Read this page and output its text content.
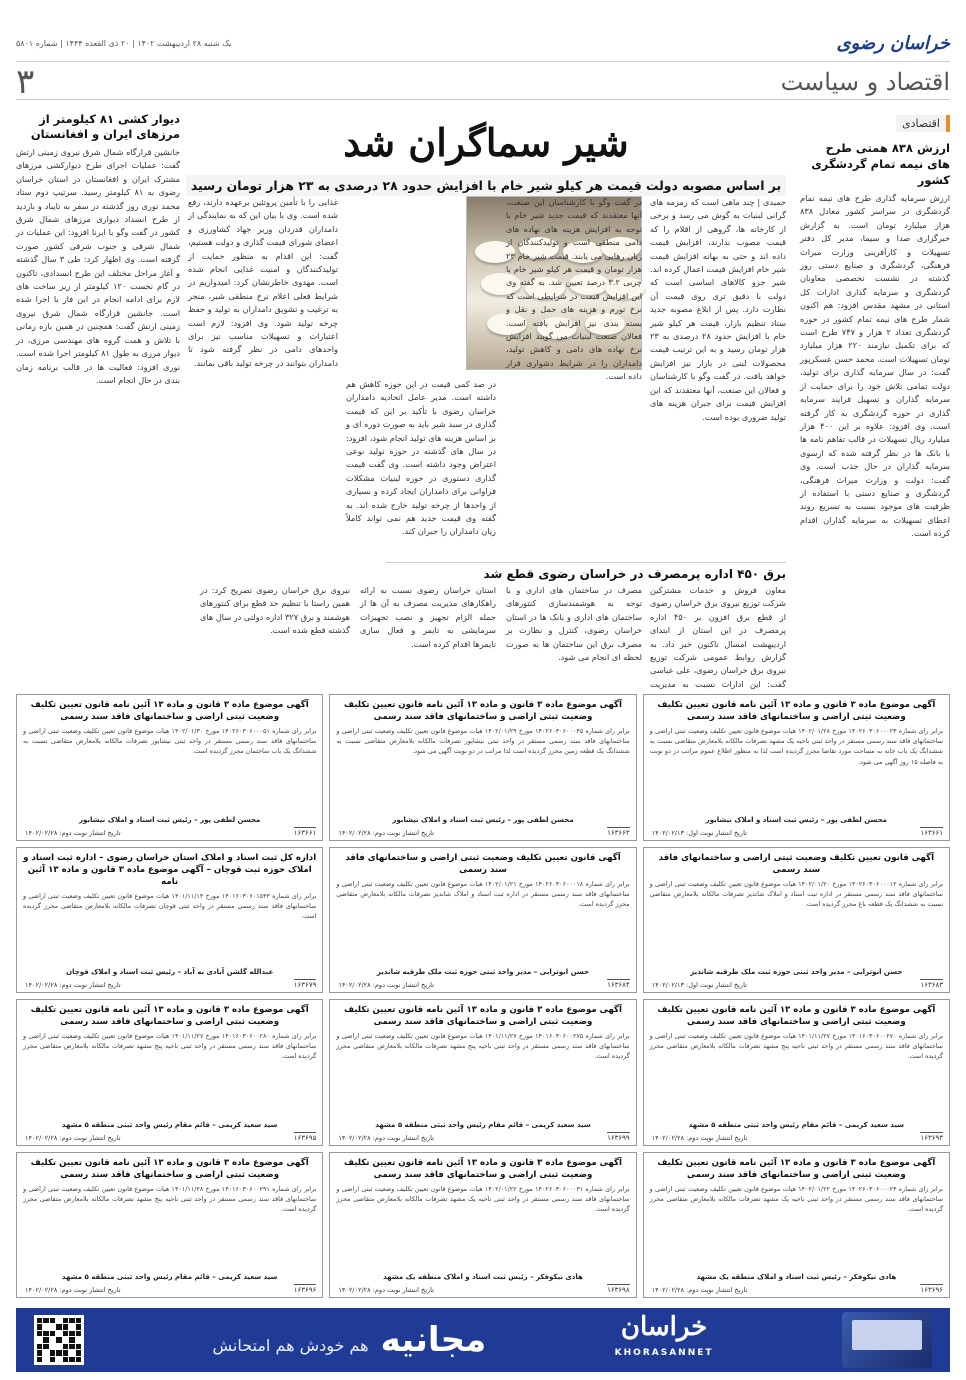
خراسان رضوی
یک شنبه ۲۸ اردیبهشت ۱۴۰۲ | ۲۰ ذی القعده ۱۴۴۴ | شماره ۵۸۰۱
اقتصاد و سیاست
۳
اقتصادی
ارزش ۸۳۸ همتی طرح های نیمه تمام گردشگری کشور
ارزش سرمایه گذاری طرح های نیمه تمام گردشگری در سراسر کشور معادل ۸۳۸ هزار میلیارد تومان است. به گزارش خبرگزاری صدا و سیما، مدیر کل دفتر تسهیلات و کارآفرینی وزارت میراث فرهنگی، گردشگری و صنایع دستی روز گذشته در نشست تخصصی معاونان گردشگری و سرمایه گذاری ادارات کل استانی در مشهد مقدس افزود: هم اکنون شمار طرح های نیمه تمام کشور در حوزه گردشگری تعداد ۲ هزار و ۷۴۷ طرح است که برای تکمیل نیازمند ۲۲۰ هزار میلیارد تومان تسهیلات است. محمد حسن عسکرپور گفت: در سال سرمایه گذاری برای تولید، دولت تمامی تلاش خود را برای حمایت از سرمایه گذاران و تسهیل فرایند سرمایه گذاری در حوزه گردشگری به کار گرفته است. وی افزود: علاوه بر این ۴۰۰ هزار میلیارد ریال تسهیلات در قالب تفاهم نامه ها با بانک ها در نظر گرفته شده که ازسوی سرمایه گذاران در حال جذب است. وی گفت: دولت و وزارت میراث فرهنگی، گردشگری و صنایع دستی با استفاده از ظرفیت های موجود نسبت به تسریع روند اعطای تسهیلات به سرمایه گذاران اقدام کرده است.
شیر سماگران شد
بر اساس مصوبه دولت قیمت هر کیلو شیر خام با افزایش حدود ۲۸ درصدی به ۲۳ هزار تومان رسید
حمیدی | چند ماهی است که زمزمه های گرانی لبنیات به گوش می رسد و برخی از کارخانه ها، گروهی از اقلام را که قیمت مصوب ندارند، افزایش قیمت داده اند و حتی به بهانه افزایش قیمت شیر خام افزایش قیمت اعمال کرده اند. شیر جزو کالاهای اساسی است که دولت با دقیق تری روی قیمت آن نظارت دارد. پس از ابلاغ مصوبه جدید ستاد تنظیم بازار، قیمت هر کیلو شیر خام با افزایش حدود ۲۸ درصدی به ۲۳ هزار تومان رسید و به این ترتیب قیمت محصولات لبنی در بازار نیز افزایش خواهد یافت. در گفت وگو با کارشناسان و فعالان این صنعت، آنها معتقدند که این افزایش قیمت برای جبران هزینه های تولید ضروری بوده است.
در گفت وگو با کارشناسان این صنعت، آنها معتقدند که قیمت جدید شیر خام با توجه به افزایش هزینه های نهاده های دامی منطقی است و تولیدکنندگان از زیان رهایی می یابند. قیمت شیر خام ۲۳ هزار تومان و قیمت هر کیلو شیر خام با چربی ۳.۲ درصد تعیین شد. به گفته وی این افزایش قیمت در شرایطی است که نرخ تورم و هزینه های حمل و نقل و بسته بندی نیز افزایش یافته است. فعالان صنعت لبنیات می گویند افزایش نرخ نهاده های دامی و کاهش تولید، دامداران را در شرایط دشواری قرار داده است.
در صد کمی قیمت در این حوزه کاهش هم داشته است. مدیر عامل اتحادیه دامداران خراسان رضوی با تأکید بر این که قیمت گذاری در سبد شیر باید به صورت دوره ای و بر اساس هزینه های تولید انجام شود، افزود: در سال های گذشته در حوزه تولید نوعی اعتراض وجود داشته است. وی گفت قیمت گذاری دستوری در حوزه لبنیات مشکلات فراوانی برای دامداران ایجاد کرده و بسیاری از واحدها از چرخه تولید خارج شده اند. به گفته وی قیمت جدید هم نمی تواند کاملاً زیان دامداران را جبران کند.
غذایی را با تأمین پروتئین برعهده دارند، رفع شده است. وی با بیان این که به نمایندگی از دامداران قدردان وزیر جهاد کشاورزی و اعضای شورای قیمت گذاری و دولت هستیم، گفت: این اقدام به منظور حمایت از تولیدکنندگان و امنیت غذایی انجام شده است. مهدوی خاطرنشان کرد: امیدواریم در شرایط فعلی اعلام نرخ منطقی شیر، منجر به ترغیب و تشویق دامداران به تولید و حفظ چرخه تولید شود. وی افزود: لازم است اعتبارات و تسهیلات مناسب نیز برای واحدهای دامی در نظر گرفته شود تا دامداران بتوانند در چرخه تولید باقی بمانند.
برق ۴۵۰ اداره پرمصرف در خراسان رضوی قطع شد
معاون فروش و خدمات مشترکین شرکت توزیع نیروی برق خراسان رضوی از قطع برق افزون بر ۴۵۰ اداره پرمصرف در این استان از ابتدای اردیبهشت امسال تاکنون خبر داد. به گزارش روابط عمومی شرکت توزیع نیروی برق خراسان رضوی، علی عباسی گفت: این ادارات نسبت به مدیریت
مصرف در ساختمان های اداری و با توجه به هوشمندسازی کنتورهای ساختمان های اداری و بانک ها در استان خراسان رضوی، کنترل و نظارت بر مصرف برق این ساختمان ها به صورت لحظه ای انجام می شود.
استان خراسان رضوی نسبت به ارائه راهکارهای مدیریت مصرف به آن ها از جمله الزام تجهیز و نصب تجهیزات سرمایشی به تایمر و فعال سازی تایمرها اقدام کرده است.
نیروی برق خراسان رضوی تصریح کرد: در همین راستا با تنظیم حد قطع برای کنتورهای هوشمند و برق ۳۲۷ اداره دولتی در سال های گذشته قطع شده است.
دیوار کشی ۸۱ کیلومتر از مرزهای ایران و افغانستان
جانشین قرارگاه شمال شرق نیروی زمینی ارتش گفت: عملیات اجرای طرح دیوارکشی مرزهای مشترک ایران و افغانستان در استان خراسان رضوی به ۸۱ کیلومتر رسید. سرتیپ دوم ستاد محمد نوری روز گذشته در سفر به تایباد و بازدید از طرح انسداد دیواری مرزهای شمال شرق کشور در گفت وگو با ایرنا افزود: این عملیات در شمال شرقی و جنوب شرقی کشور صورت گرفته است. وی اظهار کرد: طی ۳ سال گذشته و آغاز مراحل مختلف این طرح انسدادی، تاکنون در گام نخست ۱۲۰ کیلومتر از زیر ساخت های لازم برای ادامه انجام در این فاز با اجرا شده است. جانشین قرارگاه شمال شرق نیروی زمینی ارتش گفت: همچنین در همین بازه زمانی با تلاش و همت گروه های مهندسی مرزی، در دیوار مرزی به طول ۸۱ کیلومتر اجرا شده است. نوری افزود: فعالیت ها در قالب برنامه زمان بندی در حال انجام است.
آگهی موضوع ماده ۳ قانون و ماده ۱۳ آئین نامه قانون تعیین تکلیف وضعیت ثبتی اراضی و ساختمانهای فاقد سند رسمی
برابر رای شماره ۱۴۰۲۶۰۳۰۶۰۰۰۲۳ مورخ ۱۴۰۲/۰۱/۲۸ هیات موضوع قانون تعیین تکلیف وضعیت ثبتی اراضی و ساختمانهای فاقد سند رسمی مستقر در واحد ثبتی ناحیه یک مشهد تصرفات مالکانه بلامعارض متقاضی نسبت به ششدانگ یک باب خانه به مساحت مورد تقاضا محرز گردیده است لذا به منظور اطلاع عموم مراتب در دو نوبت به فاصله ۱۵ روز آگهی می شود.
محسن لطفی پور – رئیس ثبت اسناد و املاک نیشابور
۱۶۳۶۶۱
تاریخ انتشار نوبت اول: ۱۴۰۲/۰۲/۱۳
آگهی موضوع ماده ۳ قانون و ماده ۱۳ آئین نامه قانون تعیین تکلیف وضعیت ثبتی اراضی و ساختمانهای فاقد سند رسمی
برابر رای شماره ۱۴۰۲۶۰۳۰۶۰۰۰۴۵ مورخ ۱۴۰۲/۰۱/۲۹ هیات موضوع قانون تعیین تکلیف وضعیت ثبتی اراضی و ساختمانهای فاقد سند رسمی مستقر در واحد ثبتی نیشابور تصرفات مالکانه بلامعارض متقاضی نسبت به ششدانگ یک قطعه زمین محرز گردیده است لذا مراتب در دو نوبت آگهی می شود.
محسن لطفی پور – رئیس ثبت اسناد و املاک نیشابور
۱۶۳۶۶۳
تاریخ انتشار نوبت دوم: ۱۴۰۲/۰۲/۲۸
آگهی موضوع ماده ۳ قانون و ماده ۱۳ آئین نامه قانون تعیین تکلیف وضعیت ثبتی اراضی و ساختمانهای فاقد سند رسمی
برابر رای شماره ۱۴۰۲۶۰۳۰۶۰۰۰۵۱ مورخ ۱۴۰۲/۰۱/۳۰ هیات موضوع قانون تعیین تکلیف وضعیت ثبتی اراضی و ساختمانهای فاقد سند رسمی مستقر در واحد ثبتی نیشابور تصرفات مالکانه بلامعارض متقاضی نسبت به ششدانگ یک باب ساختمان محرز گردیده است.
محسن لطفی پور – رئیس ثبت اسناد و املاک نیشابور
۱۶۳۶۶۱
تاریخ انتشار نوبت دوم: ۱۴۰۲/۰۲/۲۸
آگهی قانون تعیین تکلیف وضعیت ثبتی اراضی و ساختمانهای فاقد سند رسمی
برابر رای شماره ۱۴۰۲۶۰۳۰۶۰۰۰۱۲ مورخ ۱۴۰۲/۰۱/۲۰ هیات موضوع قانون تعیین تکلیف وضعیت ثبتی اراضی و ساختمانهای فاقد سند رسمی مستقر در اداره ثبت اسناد و املاک شاندیز تصرفات مالکانه بلامعارض متقاضی نسبت به ششدانگ یک قطعه باغ محرز گردیده است.
حسن ابوترابی – مدیر واحد ثبتی حوزه ثبت ملک طرقبه شاندیز
۱۶۳۶۸۳
تاریخ انتشار نوبت اول: ۱۴۰۲/۰۲/۱۳
آگهی قانون تعیین تکلیف وضعیت ثبتی اراضی و ساختمانهای فاقد سند رسمی
برابر رای شماره ۱۴۰۲۶۰۳۰۶۰۰۰۱۸ مورخ ۱۴۰۲/۰۱/۲۱ هیات موضوع قانون تعیین تکلیف وضعیت ثبتی اراضی و ساختمانهای فاقد سند رسمی مستقر در اداره ثبت اسناد و املاک شاندیز تصرفات مالکانه بلامعارض متقاضی محرز گردیده است.
حسن ابوترابی – مدیر واحد ثبتی حوزه ثبت ملک طرقبه شاندیز
۱۶۳۶۸۴
تاریخ انتشار نوبت دوم: ۱۴۰۲/۰۲/۲۸
اداره کل ثبت اسناد و املاک استان خراسان رضوی – اداره ثبت اسناد و املاک حوزه ثبت قوچان – آگهی موضوع ماده ۳ قانون و ماده ۱۳ آئین نامه
برابر رای شماره ۱۴۰۱۶۰۳۰۶۰۱۵۴۳ مورخ ۱۴۰۱/۱۱/۱۴ هیات موضوع قانون تعیین تکلیف وضعیت ثبتی اراضی و ساختمانهای فاقد سند رسمی مستقر در واحد ثبتی قوچان تصرفات مالکانه بلامعارض متقاضی محرز گردیده است.
عبدالله گلشن آبادی به آباد – رئیس ثبت اسناد و املاک قوچان
۱۶۳۶۷۹
تاریخ انتشار نوبت دوم: ۱۴۰۲/۰۲/۲۸
آگهی موضوع ماده ۳ قانون و ماده ۱۳ آئین نامه قانون تعیین تکلیف وضعیت ثبتی اراضی و ساختمانهای فاقد سند رسمی
برابر رای شماره ۱۴۰۱۶۰۳۰۶۰۰۲۷۰ مورخ ۱۴۰۱/۱۱/۲۷ هیات موضوع قانون تعیین تکلیف وضعیت ثبتی اراضی و ساختمانهای فاقد سند رسمی مستقر در واحد ثبتی ناحیه پنج مشهد تصرفات مالکانه بلامعارض متقاضی محرز گردیده است.
سید سعید کریمی – قائم مقام رئیس واحد ثبتی منطقه ۵ مشهد
۱۶۳۶۹۳
تاریخ انتشار نوبت دوم: ۱۴۰۲/۰۲/۲۸
آگهی موضوع ماده ۳ قانون و ماده ۱۳ آئین نامه قانون تعیین تکلیف وضعیت ثبتی اراضی و ساختمانهای فاقد سند رسمی
برابر رای شماره ۱۴۰۱۶۰۳۰۶۰۰۲۷۵ مورخ ۱۴۰۱/۱۱/۲۷ هیات موضوع قانون تعیین تکلیف وضعیت ثبتی اراضی و ساختمانهای فاقد سند رسمی مستقر در واحد ثبتی ناحیه پنج مشهد تصرفات مالکانه بلامعارض متقاضی محرز گردیده است.
سید سعید کریمی – قائم مقام رئیس واحد ثبتی منطقه ۵ مشهد
۱۶۳۶۹۹
تاریخ انتشار نوبت دوم: ۱۴۰۲/۰۲/۲۸
آگهی موضوع ماده ۳ قانون و ماده ۱۳ آئین نامه قانون تعیین تکلیف وضعیت ثبتی اراضی و ساختمانهای فاقد سند رسمی
برابر رای شماره ۱۴۰۱۶۰۳۰۶۰۰۲۸۰ مورخ ۱۴۰۱/۱۱/۲۷ هیات موضوع قانون تعیین تکلیف وضعیت ثبتی اراضی و ساختمانهای فاقد سند رسمی مستقر در واحد ثبتی ناحیه پنج مشهد تصرفات مالکانه بلامعارض متقاضی محرز گردیده است.
سید سعید کریمی – قائم مقام رئیس واحد ثبتی منطقه ۵ مشهد
۱۶۳۶۹۵
تاریخ انتشار نوبت دوم: ۱۴۰۲/۰۲/۲۸
آگهی موضوع ماده ۳ قانون و ماده ۱۳ آئین نامه قانون تعیین تکلیف وضعیت ثبتی اراضی و ساختمانهای فاقد سند رسمی
برابر رای شماره ۱۴۰۲۶۰۳۰۶۰۰۰۲۴ مورخ ۱۴۰۲/۰۱/۲۲ هیات موضوع قانون تعیین تکلیف وضعیت ثبتی اراضی و ساختمانهای فاقد سند رسمی مستقر در واحد ثبتی ناحیه یک مشهد تصرفات مالکانه بلامعارض متقاضی محرز گردیده است.
هادی نیکوفکر – رئیس ثبت اسناد و املاک منطقه یک مشهد
۱۶۳۶۹۶
تاریخ انتشار نوبت دوم: ۱۴۰۲/۰۲/۲۸
آگهی موضوع ماده ۳ قانون و ماده ۱۳ آئین نامه قانون تعیین تکلیف وضعیت ثبتی اراضی و ساختمانهای فاقد سند رسمی
برابر رای شماره ۱۴۰۲۶۰۳۰۶۰۰۰۳۱ مورخ ۱۴۰۲/۰۱/۲۲ هیات موضوع قانون تعیین تکلیف وضعیت ثبتی اراضی و ساختمانهای فاقد سند رسمی مستقر در واحد ثبتی ناحیه یک مشهد تصرفات مالکانه بلامعارض متقاضی محرز گردیده است.
هادی نیکوفکر – رئیس ثبت اسناد و املاک منطقه یک مشهد
۱۶۳۶۹۸
تاریخ انتشار نوبت دوم: ۱۴۰۲/۰۲/۲۸
آگهی موضوع ماده ۳ قانون و ماده ۱۳ آئین نامه قانون تعیین تکلیف وضعیت ثبتی اراضی و ساختمانهای فاقد سند رسمی
برابر رای شماره ۱۴۰۱۶۰۳۰۶۰۰۲۹۱ مورخ ۱۴۰۱/۱۱/۲۸ هیات موضوع قانون تعیین تکلیف وضعیت ثبتی اراضی و ساختمانهای فاقد سند رسمی مستقر در واحد ثبتی ناحیه پنج مشهد تصرفات مالکانه بلامعارض متقاضی محرز گردیده است.
سید سعید کریمی – قائم مقام رئیس واحد ثبتی منطقه ۵ مشهد
۱۶۳۶۹۶
تاریخ انتشار نوبت دوم: ۱۴۰۲/۰۲/۲۸
خراسان
KHORASANNET
مجانیه
هم خودش هم امتحانش
